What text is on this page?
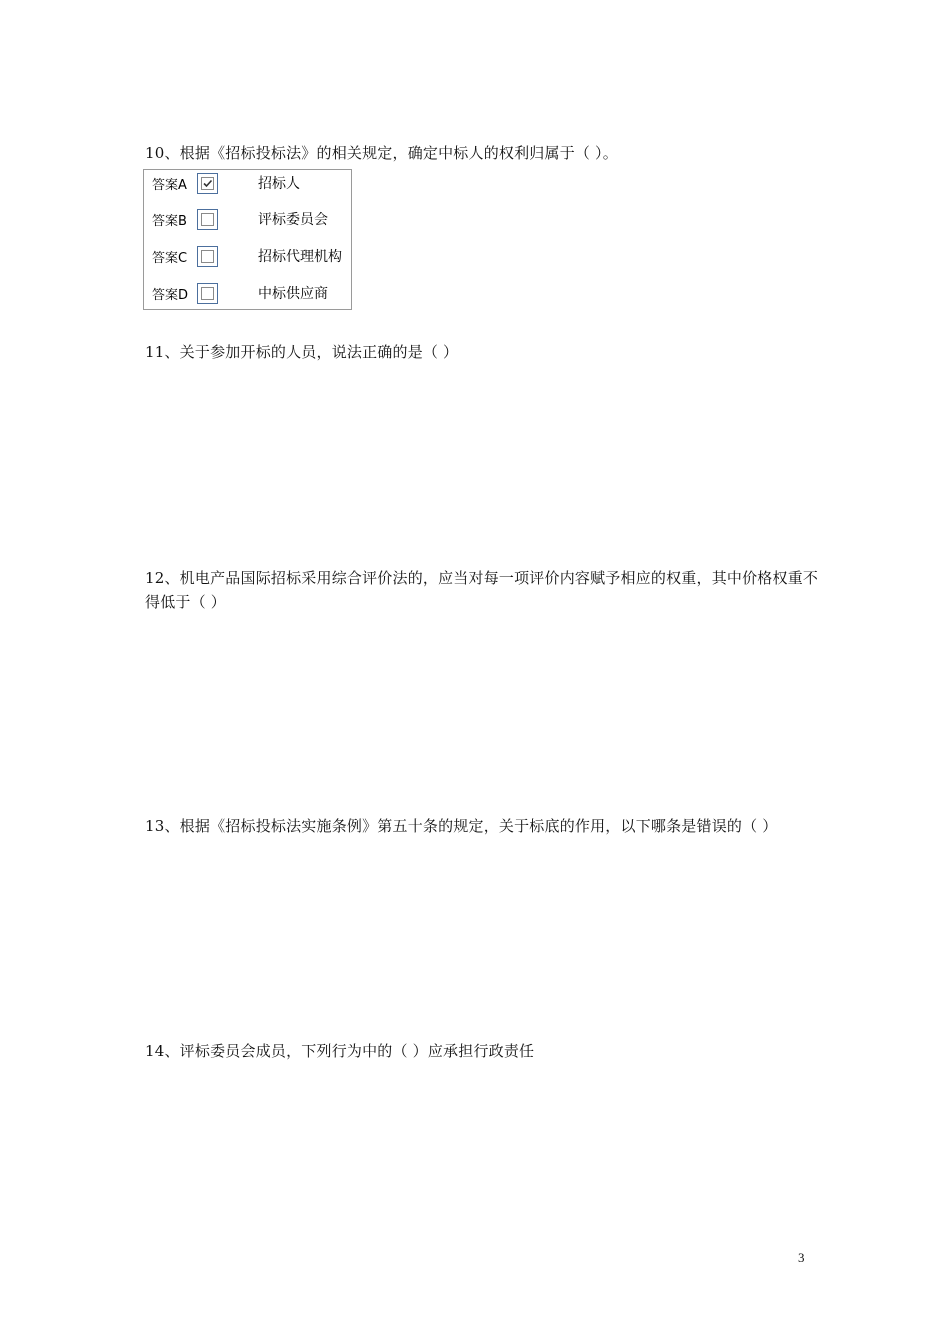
10、根据《招标投标法》的相关规定，确定中标人的权利归属于（ ）。
答案A	招标人
答案B	评标委员会
答案C	招标代理机构
答案D	中标供应商
11、关于参加开标的人员，说法正确的是（ ）
12、机电产品国际招标采用综合评价法的，应当对每一项评价内容赋予相应的权重，其中价格权重不得低于（ ）
13、根据《招标投标法实施条例》第五十条的规定，关于标底的作用，以下哪条是错误的（ ）
14、评标委员会成员，下列行为中的（ ）应承担行政责任
3
